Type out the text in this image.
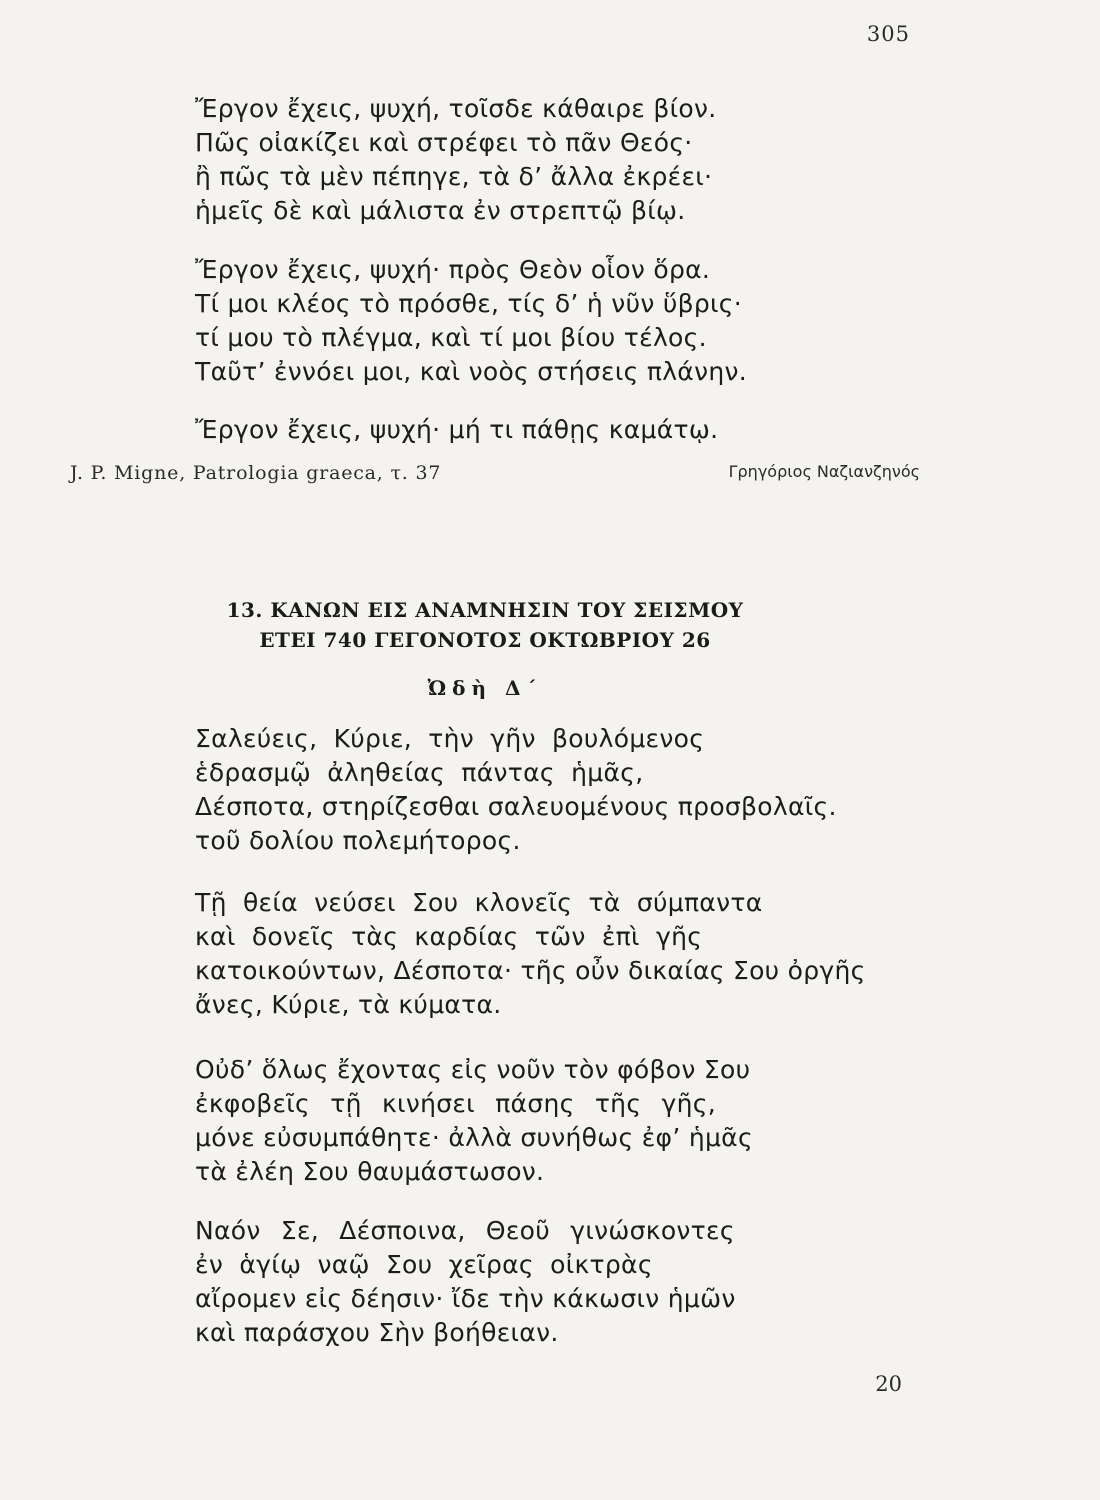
305
Ἔργον ἔχεις, ψυχή, τοῖσδε κάθαιρε βίον.
Πῶς οἰακίζει καὶ στρέφει τὸ πᾶν Θεός·
ἢ πῶς τὰ μὲν πέπηγε, τὰ δ’ ἄλλα ἐκρέει·
ἡμεῖς δὲ καὶ μάλιστα ἐν στρεπτῷ βίῳ.
Ἔργον ἔχεις, ψυχή· πρὸς Θεὸν οἷον ὅρα.
Τί μοι κλέος τὸ πρόσθε, τίς δ’ ἡ νῦν ὕβρις·
τί μου τὸ πλέγμα, καὶ τί μοι βίου τέλος.
Ταῦτ’ ἐννόει μοι, καὶ νοὸς στήσεις πλάνην.
Ἔργον ἔχεις, ψυχή· μή τι πάθῃς καμάτῳ.
J. P. Migne, Patrologia graeca, τ. 37	Γρηγόριος Ναζιανζηνός
13. ΚΑΝΩΝ ΕΙΣ ΑΝΑΜΝΗΣΙΝ ΤΟΥ ΣΕΙΣΜΟΥ
ΕΤΕΙ 740 ΓΕΓΟΝΟΤΟΣ ΟΚΤΩΒΡΙΟΥ 26
Ὠδὴ Δ΄
Σαλεύεις, Κύριε, τὴν γῆν βουλόμενος
ἑδρασμῷ ἀληθείας πάντας ἡμᾶς,
Δέσποτα, στηρίζεσθαι σαλευομένους προσβολαῖς.
τοῦ δολίου πολεμήτορος.
Τῇ θεία νεύσει Σου κλονεῖς τὰ σύμπαντα
καὶ δονεῖς τὰς καρδίας τῶν ἐπὶ γῆς
κατοικούντων, Δέσποτα· τῆς οὖν δικαίας Σου ὀργῆς
ἄνες, Κύριε, τὰ κύματα.
Οὐδ’ ὅλως ἔχοντας εἰς νοῦν τὸν φόβον Σου
ἐκφοβεῖς τῇ κινήσει πάσης τῆς γῆς,
μόνε εὐσυμπάθητε· ἀλλὰ συνήθως ἐφ’ ἡμᾶς
τὰ ἐλέη Σου θαυμάστωσον.
Ναόν Σε, Δέσποινα, Θεοῦ γινώσκοντες
ἐν ἁγίῳ ναῷ Σου χεῖρας οἰκτρὰς
αἴρομεν εἰς δέησιν· ἴδε τὴν κάκωσιν ἡμῶν
καὶ παράσχου Σὴν βοήθειαν.
20
